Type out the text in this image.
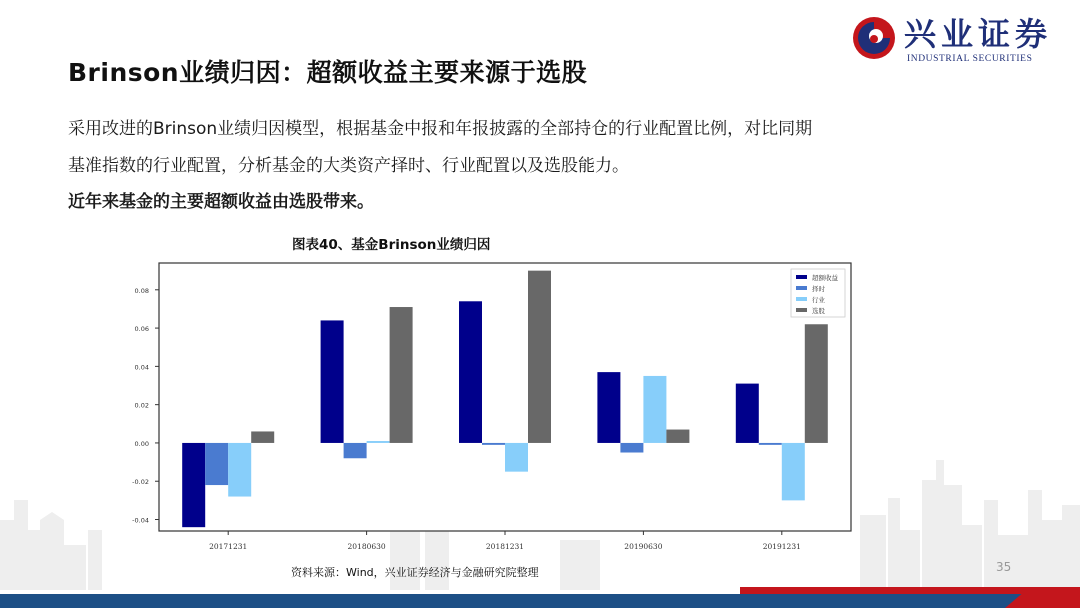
兴业证券
INDUSTRIAL SECURITIES
Brinson业绩归因：超额收益主要来源于选股
采用改进的Brinson业绩归因模型，根据基金中报和年报披露的全部持仓的行业配置比例，对比同期
基准指数的行业配置，分析基金的大类资产择时、行业配置以及选股能力。
近年来基金的主要超额收益由选股带来。
图表40、基金Brinson业绩归因
-0.04
-0.02
0.00
0.02
0.04
0.06
0.08
20171231	20180630	20181231	20190630	20191231
超额收益
择时
行业
选股
资料来源：Wind，兴业证券经济与金融研究院整理	35
